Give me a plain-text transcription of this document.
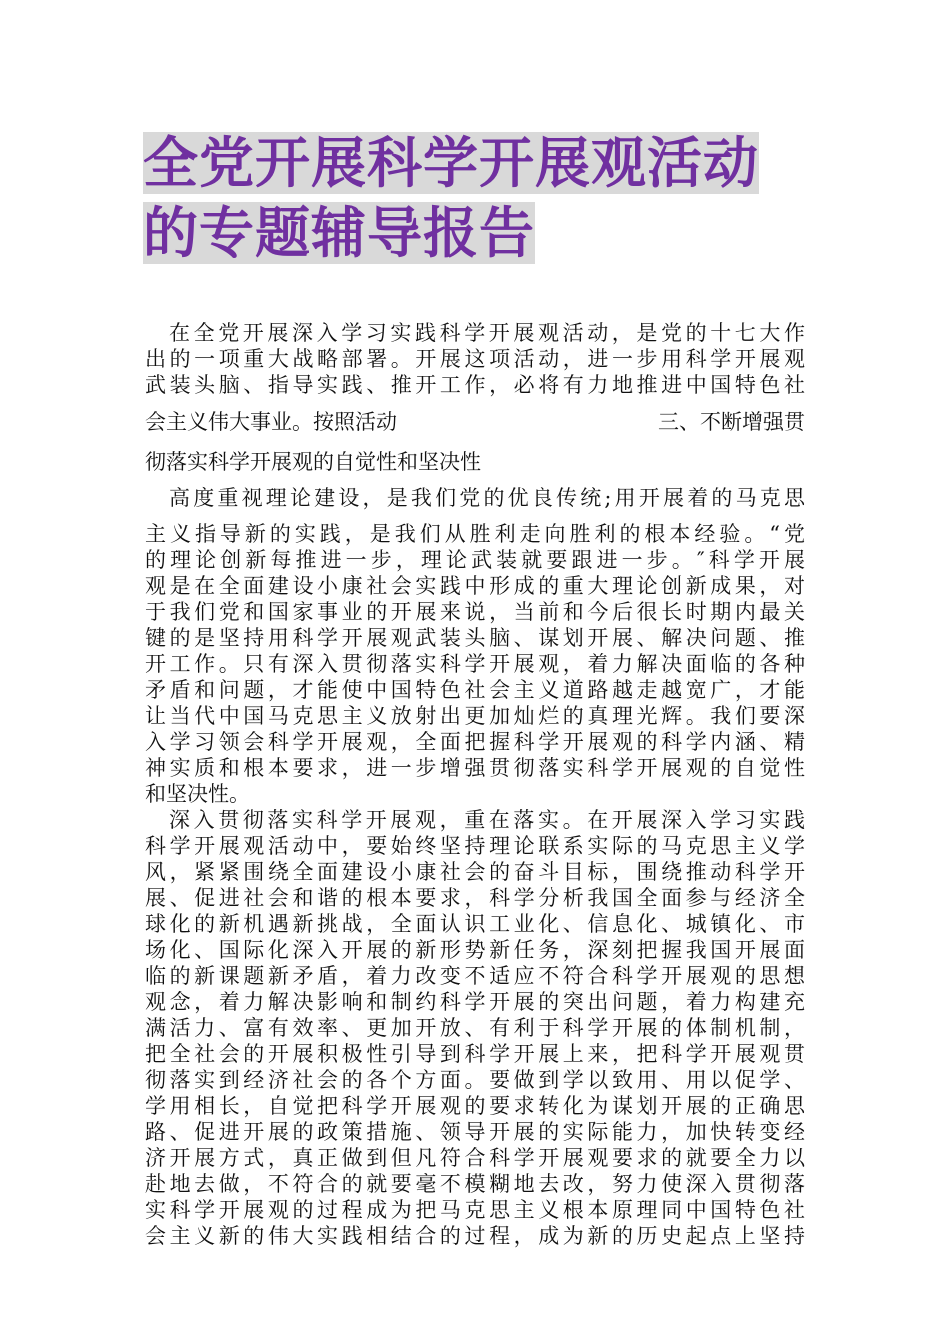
全党开展科学开展观活动
的专题辅导报告
在全党开展深入学习实践科学开展观活动，是党的十七大作
出的一项重大战略部署。开展这项活动，进一步用科学开展观
武装头脑、指导实践、推开工作，必将有力地推进中国特色社
会主义伟大事业。按照活动	三、不断增强贯
彻落实科学开展观的自觉性和坚决性
高度重视理论建设，是我们党的优良传统;用开展着的马克思
主义指导新的实践，是我们从胜利走向胜利的根本经验。“党
的理论创新每推进一步，理论武装就要跟进一步。″科学开展
观是在全面建设小康社会实践中形成的重大理论创新成果，对
于我们党和国家事业的开展来说，当前和今后很长时期内最关
键的是坚持用科学开展观武装头脑、谋划开展、解决问题、推
开工作。只有深入贯彻落实科学开展观，着力解决面临的各种
矛盾和问题，才能使中国特色社会主义道路越走越宽广，才能
让当代中国马克思主义放射出更加灿烂的真理光辉。我们要深
入学习领会科学开展观，全面把握科学开展观的科学内涵、精
神实质和根本要求，进一步增强贯彻落实科学开展观的自觉性
和坚决性。
深入贯彻落实科学开展观，重在落实。在开展深入学习实践
科学开展观活动中，要始终坚持理论联系实际的马克思主义学
风，紧紧围绕全面建设小康社会的奋斗目标，围绕推动科学开
展、促进社会和谐的根本要求，科学分析我国全面参与经济全
球化的新机遇新挑战，全面认识工业化、信息化、城镇化、市
场化、国际化深入开展的新形势新任务，深刻把握我国开展面
临的新课题新矛盾，着力改变不适应不符合科学开展观的思想
观念，着力解决影响和制约科学开展的突出问题，着力构建充
满活力、富有效率、更加开放、有利于科学开展的体制机制，
把全社会的开展积极性引导到科学开展上来，把科学开展观贯
彻落实到经济社会的各个方面。要做到学以致用、用以促学、
学用相长，自觉把科学开展观的要求转化为谋划开展的正确思
路、促进开展的政策措施、领导开展的实际能力，加快转变经
济开展方式，真正做到但凡符合科学开展观要求的就要全力以
赴地去做，不符合的就要毫不模糊地去改，努力使深入贯彻落
实科学开展观的过程成为把马克思主义根本原理同中国特色社
会主义新的伟大实践相结合的过程，成为新的历史起点上坚持
